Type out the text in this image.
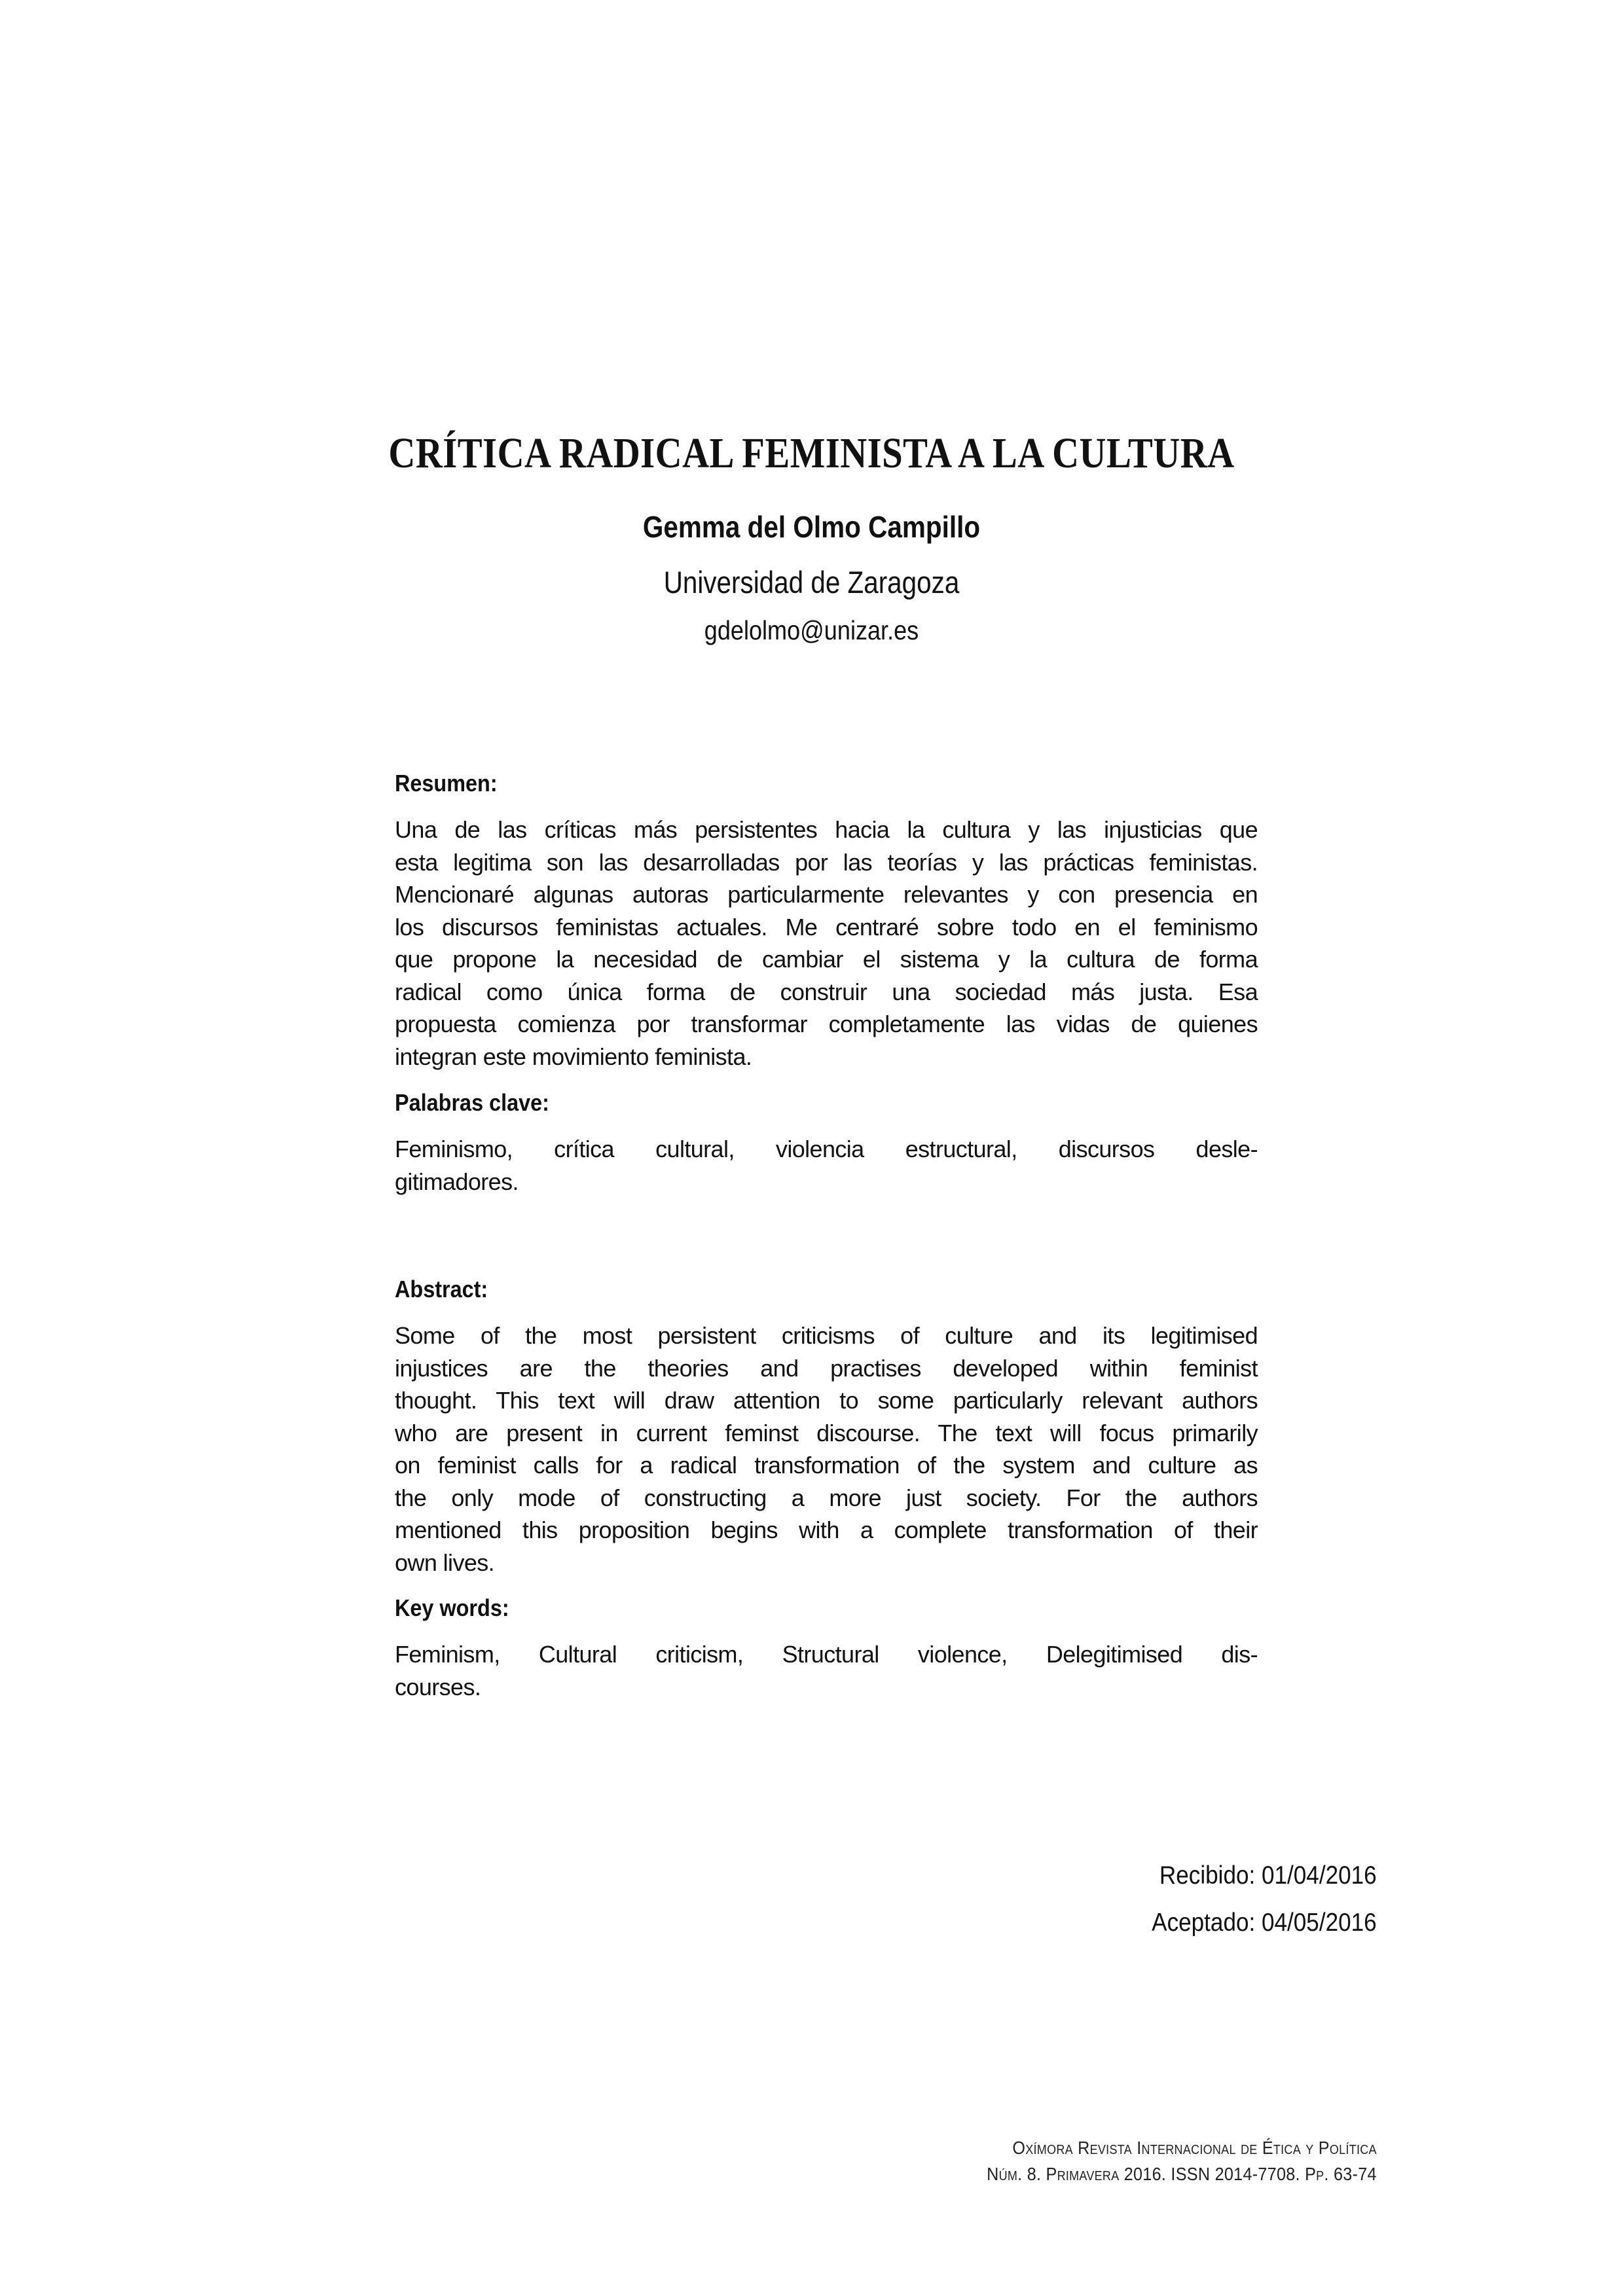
CRÍTICA RADICAL FEMINISTA A LA CULTURA

Gemma del Olmo Campillo

Universidad de Zaragoza

gdelolmo@unizar.es

Resumen:
Una de las críticas más persistentes hacia la cultura y las injusticias que
esta legitima son las desarrolladas por las teorías y las prácticas feministas.
Mencionaré algunas autoras particularmente relevantes y con presencia en
los discursos feministas actuales. Me centraré sobre todo en el feminismo
que propone la necesidad de cambiar el sistema y la cultura de forma
radical como única forma de construir una sociedad más justa. Esa
propuesta comienza por transformar completamente las vidas de quienes
integran este movimiento feminista.
Palabras clave:
Feminismo, crítica cultural, violencia estructural, discursos desle-
gitimadores.
Abstract:
Some of the most persistent criticisms of culture and its legitimised
injustices are the theories and practises developed within feminist
thought. This text will draw attention to some particularly relevant authors
who are present in current feminst discourse. The text will focus primarily
on feminist calls for a radical transformation of the system and culture as
the only mode of constructing a more just society. For the authors
mentioned this proposition begins with a complete transformation of their
own lives.
Key words:
Feminism, Cultural criticism, Structural violence, Delegitimised dis-
courses.

Recibido: 01/04/2016

Aceptado: 04/05/2016

Oxímora Revista Internacional de Ética y Política

Núm. 8. Primavera 2016. ISSN 2014-7708. Pp. 63-74
